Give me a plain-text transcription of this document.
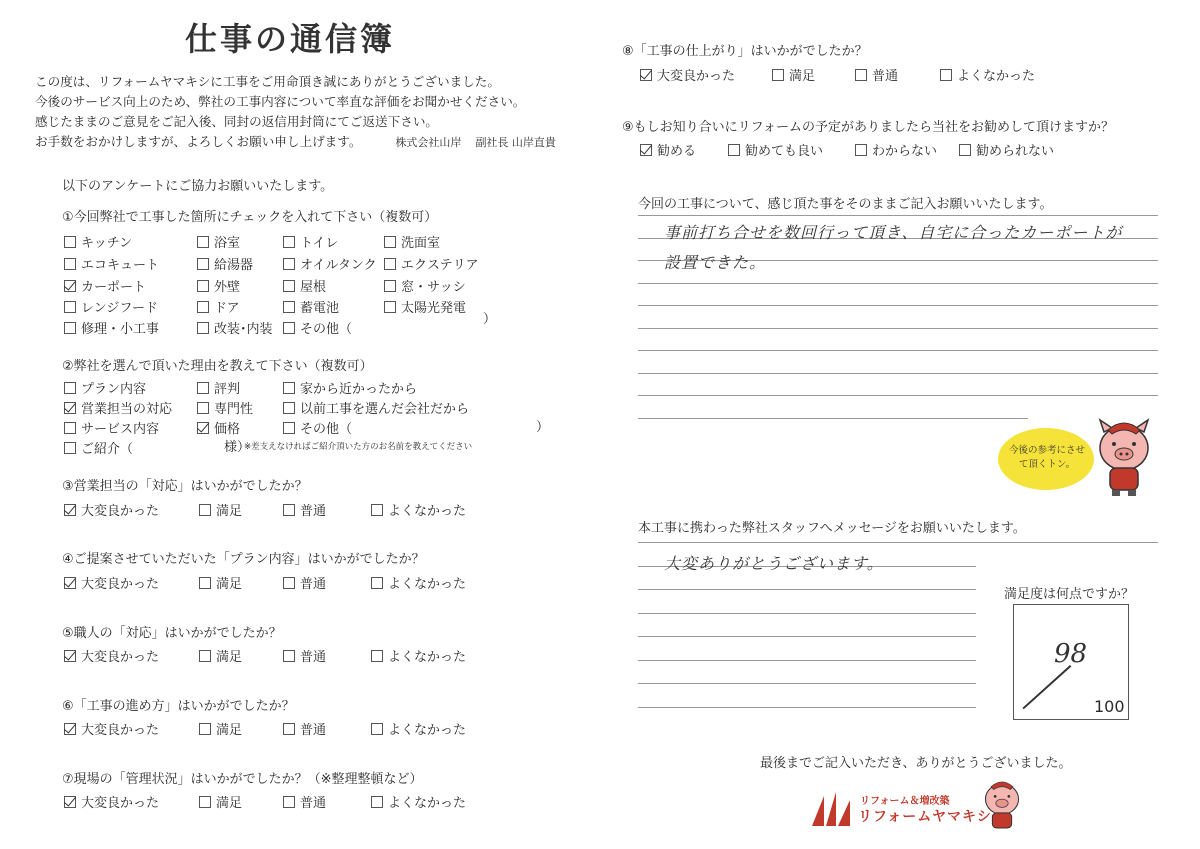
仕事の通信簿
この度は、リフォームヤマキシに工事をご用命頂き誠にありがとうございました。
今後のサービス向上のため、弊社の工事内容について率直な評価をお聞かせください。
感じたままのご意見をご記入後、同封の返信用封筒にてご返送下さい。
お手数をおかけしますが、よろしくお願い申し上げます。	株式会社山岸 副社長 山岸直貴
以下のアンケートにご協力お願いいたします。
①今回弊社で工事した箇所にチェックを入れて下さい（複数可）
キッチン	浴室	トイレ	洗面室
エコキュート	給湯器	オイルタンク エクステリア
カーポート	外壁	屋根	窓・サッシ
レンジフード	ドア	蓄電池	太陽光発電
修理・小工事	改装･内装 その他（
）
②弊社を選んで頂いた理由を教えて下さい（複数可）
プラン内容	評判	家から近かったから
営業担当の対応	専門性	以前工事を選んだ会社だから
サービス内容	価格	その他（
ご紹介（
）
様）
※差支えなければご紹介頂いた方のお名前を教えてください
③営業担当の「対応」はいかがでしたか？
大変良かった	満足	普通	よくなかった
④ご提案させていただいた「プラン内容」はいかがでしたか？
大変良かった	満足	普通	よくなかった
⑤職人の「対応」はいかがでしたか？
大変良かった	満足	普通	よくなかった
⑥「工事の進め方」はいかがでしたか？
大変良かった	満足	普通	よくなかった
⑦現場の「管理状況」はいかがでしたか？（※整理整頓など）
大変良かった	満足	普通	よくなかった
⑧「工事の仕上がり」はいかがでしたか？
大変良かった	満足	普通	よくなかった
⑨もしお知り合いにリフォームの予定がありましたら当社をお勧めして頂けますか？
勧める	勧めても良い	わからない	勧められない
今回の工事について、感じ頂た事をそのままご記入お願いいたします。
事前打ち合せを数回行って頂き、自宅に合ったカーポートが
設置できた。
今後の参考にさせて頂くトン。
本工事に携わった弊社スタッフへメッセージをお願いいたします。
大変ありがとうございます。
満足度は何点ですか？
98
100
最後までご記入いただき、ありがとうございました。
リフォーム＆増改築
リフォームヤマキシ
